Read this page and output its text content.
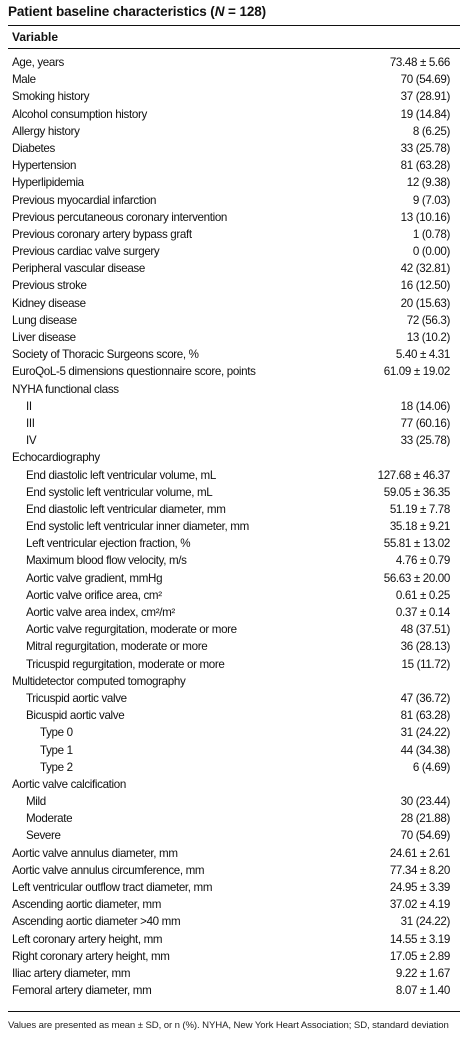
Patient baseline characteristics (N = 128)
Variable
Age, years	73.48 ± 5.66
Male	70 (54.69)
Smoking history	37 (28.91)
Alcohol consumption history	19 (14.84)
Allergy history	8 (6.25)
Diabetes	33 (25.78)
Hypertension	81 (63.28)
Hyperlipidemia	12 (9.38)
Previous myocardial infarction	9 (7.03)
Previous percutaneous coronary intervention	13 (10.16)
Previous coronary artery bypass graft	1 (0.78)
Previous cardiac valve surgery	0 (0.00)
Peripheral vascular disease	42 (32.81)
Previous stroke	16 (12.50)
Kidney disease	20 (15.63)
Lung disease	72 (56.3)
Liver disease	13 (10.2)
Society of Thoracic Surgeons score, %	5.40 ± 4.31
EuroQoL-5 dimensions questionnaire score, points	61.09 ± 19.02
NYHA functional class
II	18 (14.06)
III	77 (60.16)
IV	33 (25.78)
Echocardiography
End diastolic left ventricular volume, mL	127.68 ± 46.37
End systolic left ventricular volume, mL	59.05 ± 36.35
End diastolic left ventricular diameter, mm	51.19 ± 7.78
End systolic left ventricular inner diameter, mm	35.18 ± 9.21
Left ventricular ejection fraction, %	55.81 ± 13.02
Maximum blood flow velocity, m/s	4.76 ± 0.79
Aortic valve gradient, mmHg	56.63 ± 20.00
Aortic valve orifice area, cm²	0.61 ± 0.25
Aortic valve area index, cm²/m²	0.37 ± 0.14
Aortic valve regurgitation, moderate or more	48 (37.51)
Mitral regurgitation, moderate or more	36 (28.13)
Tricuspid regurgitation, moderate or more	15 (11.72)
Multidetector computed tomography
Tricuspid aortic valve	47 (36.72)
Bicuspid aortic valve	81 (63.28)
Type 0	31 (24.22)
Type 1	44 (34.38)
Type 2	6 (4.69)
Aortic valve calcification
Mild	30 (23.44)
Moderate	28 (21.88)
Severe	70 (54.69)
Aortic valve annulus diameter, mm	24.61 ± 2.61
Aortic valve annulus circumference, mm	77.34 ± 8.20
Left ventricular outflow tract diameter, mm	24.95 ± 3.39
Ascending aortic diameter, mm	37.02 ± 4.19
Ascending aortic diameter >40 mm	31 (24.22)
Left coronary artery height, mm	14.55 ± 3.19
Right coronary artery height, mm	17.05 ± 2.89
Iliac artery diameter, mm	9.22 ± 1.67
Femoral artery diameter, mm	8.07 ± 1.40
Values are presented as mean ± SD, or n (%). NYHA, New York Heart Association; SD, standard deviation
